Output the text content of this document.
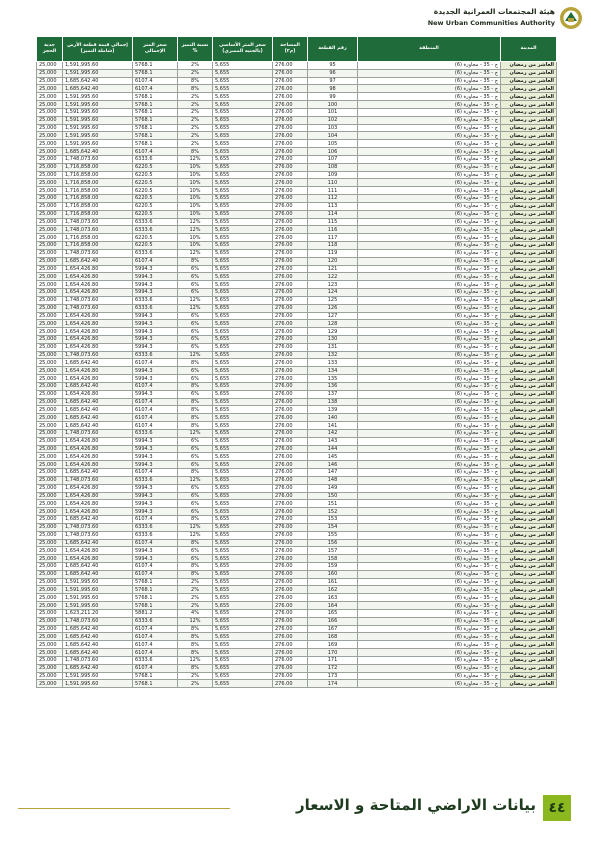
هيئة المجتمعات العمرانية الجديدة
New Urban Communities Authority
جدية الحجز	إجمالي قيمة قطعة الأرض (شاملة التميز)	سعر المتر الإجمالي	نسبة التميز %	سعر المتر الأساسي (بالجنيه المصري)	المساحة (م٢)	رقم القطعة	المنطقة	المدينة
25,000	1,591,995.60	5768.1	2%	5,655	276.00	95	ج - 35 - مجاورة (6)	العاشر من رمضان
25,000	1,591,995.60	5768.1	2%	5,655	276.00	96	ج - 35 - مجاورة (6)	العاشر من رمضان
25,000	1,685,642.40	6107.4	8%	5,655	276.00	97	ج - 35 - مجاورة (6)	العاشر من رمضان
25,000	1,685,642.40	6107.4	8%	5,655	276.00	98	ج - 35 - مجاورة (6)	العاشر من رمضان
25,000	1,591,995.60	5768.1	2%	5,655	276.00	99	ج - 35 - مجاورة (6)	العاشر من رمضان
25,000	1,591,995.60	5768.1	2%	5,655	276.00	100	ج - 35 - مجاورة (6)	العاشر من رمضان
25,000	1,591,995.60	5768.1	2%	5,655	276.00	101	ج - 35 - مجاورة (6)	العاشر من رمضان
25,000	1,591,995.60	5768.1	2%	5,655	276.00	102	ج - 35 - مجاورة (6)	العاشر من رمضان
25,000	1,591,995.60	5768.1	2%	5,655	276.00	103	ج - 35 - مجاورة (6)	العاشر من رمضان
25,000	1,591,995.60	5768.1	2%	5,655	276.00	104	ج - 35 - مجاورة (6)	العاشر من رمضان
25,000	1,591,995.60	5768.1	2%	5,655	276.00	105	ج - 35 - مجاورة (6)	العاشر من رمضان
25,000	1,685,642.40	6107.4	8%	5,655	276.00	106	ج - 35 - مجاورة (6)	العاشر من رمضان
25,000	1,748,073.60	6333.6	12%	5,655	276.00	107	ج - 35 - مجاورة (6)	العاشر من رمضان
25,000	1,716,858.00	6220.5	10%	5,655	276.00	108	ج - 35 - مجاورة (6)	العاشر من رمضان
25,000	1,716,858.00	6220.5	10%	5,655	276.00	109	ج - 35 - مجاورة (6)	العاشر من رمضان
25,000	1,716,858.00	6220.5	10%	5,655	276.00	110	ج - 35 - مجاورة (6)	العاشر من رمضان
25,000	1,716,858.00	6220.5	10%	5,655	276.00	111	ج - 35 - مجاورة (6)	العاشر من رمضان
25,000	1,716,858.00	6220.5	10%	5,655	276.00	112	ج - 35 - مجاورة (6)	العاشر من رمضان
25,000	1,716,858.00	6220.5	10%	5,655	276.00	113	ج - 35 - مجاورة (6)	العاشر من رمضان
25,000	1,716,858.00	6220.5	10%	5,655	276.00	114	ج - 35 - مجاورة (6)	العاشر من رمضان
25,000	1,748,073.60	6333.6	12%	5,655	276.00	115	ج - 35 - مجاورة (6)	العاشر من رمضان
25,000	1,748,073.60	6333.6	12%	5,655	276.00	116	ج - 35 - مجاورة (6)	العاشر من رمضان
25,000	1,716,858.00	6220.5	10%	5,655	276.00	117	ج - 35 - مجاورة (6)	العاشر من رمضان
25,000	1,716,858.00	6220.5	10%	5,655	276.00	118	ج - 35 - مجاورة (6)	العاشر من رمضان
25,000	1,748,073.60	6333.6	12%	5,655	276.00	119	ج - 35 - مجاورة (6)	العاشر من رمضان
25,000	1,685,642.40	6107.4	8%	5,655	276.00	120	ج - 35 - مجاورة (6)	العاشر من رمضان
25,000	1,654,426.80	5994.3	6%	5,655	276.00	121	ج - 35 - مجاورة (6)	العاشر من رمضان
25,000	1,654,426.80	5994.3	6%	5,655	276.00	122	ج - 35 - مجاورة (6)	العاشر من رمضان
25,000	1,654,426.80	5994.3	6%	5,655	276.00	123	ج - 35 - مجاورة (6)	العاشر من رمضان
25,000	1,654,426.80	5994.3	6%	5,655	276.00	124	ج - 35 - مجاورة (6)	العاشر من رمضان
25,000	1,748,073.60	6333.6	12%	5,655	276.00	125	ج - 35 - مجاورة (6)	العاشر من رمضان
25,000	1,748,073.60	6333.6	12%	5,655	276.00	126	ج - 35 - مجاورة (6)	العاشر من رمضان
25,000	1,654,426.80	5994.3	6%	5,655	276.00	127	ج - 35 - مجاورة (6)	العاشر من رمضان
25,000	1,654,426.80	5994.3	6%	5,655	276.00	128	ج - 35 - مجاورة (6)	العاشر من رمضان
25,000	1,654,426.80	5994.3	6%	5,655	276.00	129	ج - 35 - مجاورة (6)	العاشر من رمضان
25,000	1,654,426.80	5994.3	6%	5,655	276.00	130	ج - 35 - مجاورة (6)	العاشر من رمضان
25,000	1,654,426.80	5994.3	6%	5,655	276.00	131	ج - 35 - مجاورة (6)	العاشر من رمضان
25,000	1,748,073.60	6333.6	12%	5,655	276.00	132	ج - 35 - مجاورة (6)	العاشر من رمضان
25,000	1,685,642.40	6107.4	8%	5,655	276.00	133	ج - 35 - مجاورة (6)	العاشر من رمضان
25,000	1,654,426.80	5994.3	6%	5,655	276.00	134	ج - 35 - مجاورة (6)	العاشر من رمضان
25,000	1,654,426.80	5994.3	6%	5,655	276.00	135	ج - 35 - مجاورة (6)	العاشر من رمضان
25,000	1,685,642.40	6107.4	8%	5,655	276.00	136	ج - 35 - مجاورة (6)	العاشر من رمضان
25,000	1,654,426.80	5994.3	6%	5,655	276.00	137	ج - 35 - مجاورة (6)	العاشر من رمضان
25,000	1,685,642.40	6107.4	8%	5,655	276.00	138	ج - 35 - مجاورة (6)	العاشر من رمضان
25,000	1,685,642.40	6107.4	8%	5,655	276.00	139	ج - 35 - مجاورة (6)	العاشر من رمضان
25,000	1,685,642.40	6107.4	8%	5,655	276.00	140	ج - 35 - مجاورة (6)	العاشر من رمضان
25,000	1,685,642.40	6107.4	8%	5,655	276.00	141	ج - 35 - مجاورة (6)	العاشر من رمضان
25,000	1,748,073.60	6333.6	12%	5,655	276.00	142	ج - 35 - مجاورة (6)	العاشر من رمضان
25,000	1,654,426.80	5994.3	6%	5,655	276.00	143	ج - 35 - مجاورة (6)	العاشر من رمضان
25,000	1,654,426.80	5994.3	6%	5,655	276.00	144	ج - 35 - مجاورة (6)	العاشر من رمضان
25,000	1,654,426.80	5994.3	6%	5,655	276.00	145	ج - 35 - مجاورة (6)	العاشر من رمضان
25,000	1,654,426.80	5994.3	6%	5,655	276.00	146	ج - 35 - مجاورة (6)	العاشر من رمضان
25,000	1,685,642.40	6107.4	8%	5,655	276.00	147	ج - 35 - مجاورة (6)	العاشر من رمضان
25,000	1,748,073.60	6333.6	12%	5,655	276.00	148	ج - 35 - مجاورة (6)	العاشر من رمضان
25,000	1,654,426.80	5994.3	6%	5,655	276.00	149	ج - 35 - مجاورة (6)	العاشر من رمضان
25,000	1,654,426.80	5994.3	6%	5,655	276.00	150	ج - 35 - مجاورة (6)	العاشر من رمضان
25,000	1,654,426.80	5994.3	6%	5,655	276.00	151	ج - 35 - مجاورة (6)	العاشر من رمضان
25,000	1,654,426.80	5994.3	6%	5,655	276.00	152	ج - 35 - مجاورة (6)	العاشر من رمضان
25,000	1,685,642.40	6107.4	8%	5,655	276.00	153	ج - 35 - مجاورة (6)	العاشر من رمضان
25,000	1,748,073.60	6333.6	12%	5,655	276.00	154	ج - 35 - مجاورة (6)	العاشر من رمضان
25,000	1,748,073.60	6333.6	12%	5,655	276.00	155	ج - 35 - مجاورة (6)	العاشر من رمضان
25,000	1,685,642.40	6107.4	8%	5,655	276.00	156	ج - 35 - مجاورة (6)	العاشر من رمضان
25,000	1,654,426.80	5994.3	6%	5,655	276.00	157	ج - 35 - مجاورة (6)	العاشر من رمضان
25,000	1,654,426.80	5994.3	6%	5,655	276.00	158	ج - 35 - مجاورة (6)	العاشر من رمضان
25,000	1,685,642.40	6107.4	8%	5,655	276.00	159	ج - 35 - مجاورة (6)	العاشر من رمضان
25,000	1,685,642.40	6107.4	8%	5,655	276.00	160	ج - 35 - مجاورة (6)	العاشر من رمضان
25,000	1,591,995.60	5768.1	2%	5,655	276.00	161	ج - 35 - مجاورة (6)	العاشر من رمضان
25,000	1,591,995.60	5768.1	2%	5,655	276.00	162	ج - 35 - مجاورة (6)	العاشر من رمضان
25,000	1,591,995.60	5768.1	2%	5,655	276.00	163	ج - 35 - مجاورة (6)	العاشر من رمضان
25,000	1,591,995.60	5768.1	2%	5,655	276.00	164	ج - 35 - مجاورة (6)	العاشر من رمضان
25,000	1,623,211.20	5881.2	4%	5,655	276.00	165	ج - 35 - مجاورة (6)	العاشر من رمضان
25,000	1,748,073.60	6333.6	12%	5,655	276.00	166	ج - 35 - مجاورة (6)	العاشر من رمضان
25,000	1,685,642.40	6107.4	8%	5,655	276.00	167	ج - 35 - مجاورة (6)	العاشر من رمضان
25,000	1,685,642.40	6107.4	8%	5,655	276.00	168	ج - 35 - مجاورة (6)	العاشر من رمضان
25,000	1,685,642.40	6107.4	8%	5,655	276.00	169	ج - 35 - مجاورة (6)	العاشر من رمضان
25,000	1,685,642.40	6107.4	8%	5,655	276.00	170	ج - 35 - مجاورة (6)	العاشر من رمضان
25,000	1,748,073.60	6333.6	12%	5,655	276.00	171	ج - 35 - مجاورة (6)	العاشر من رمضان
25,000	1,685,642.40	6107.4	8%	5,655	276.00	172	ج - 35 - مجاورة (6)	العاشر من رمضان
25,000	1,591,995.60	5768.1	2%	5,655	276.00	173	ج - 35 - مجاورة (6)	العاشر من رمضان
25,000	1,591,995.60	5768.1	2%	5,655	276.00	174	ج - 35 - مجاورة (6)	العاشر من رمضان
بيانات الاراضي المتاحة و الاسعار ٤٤
